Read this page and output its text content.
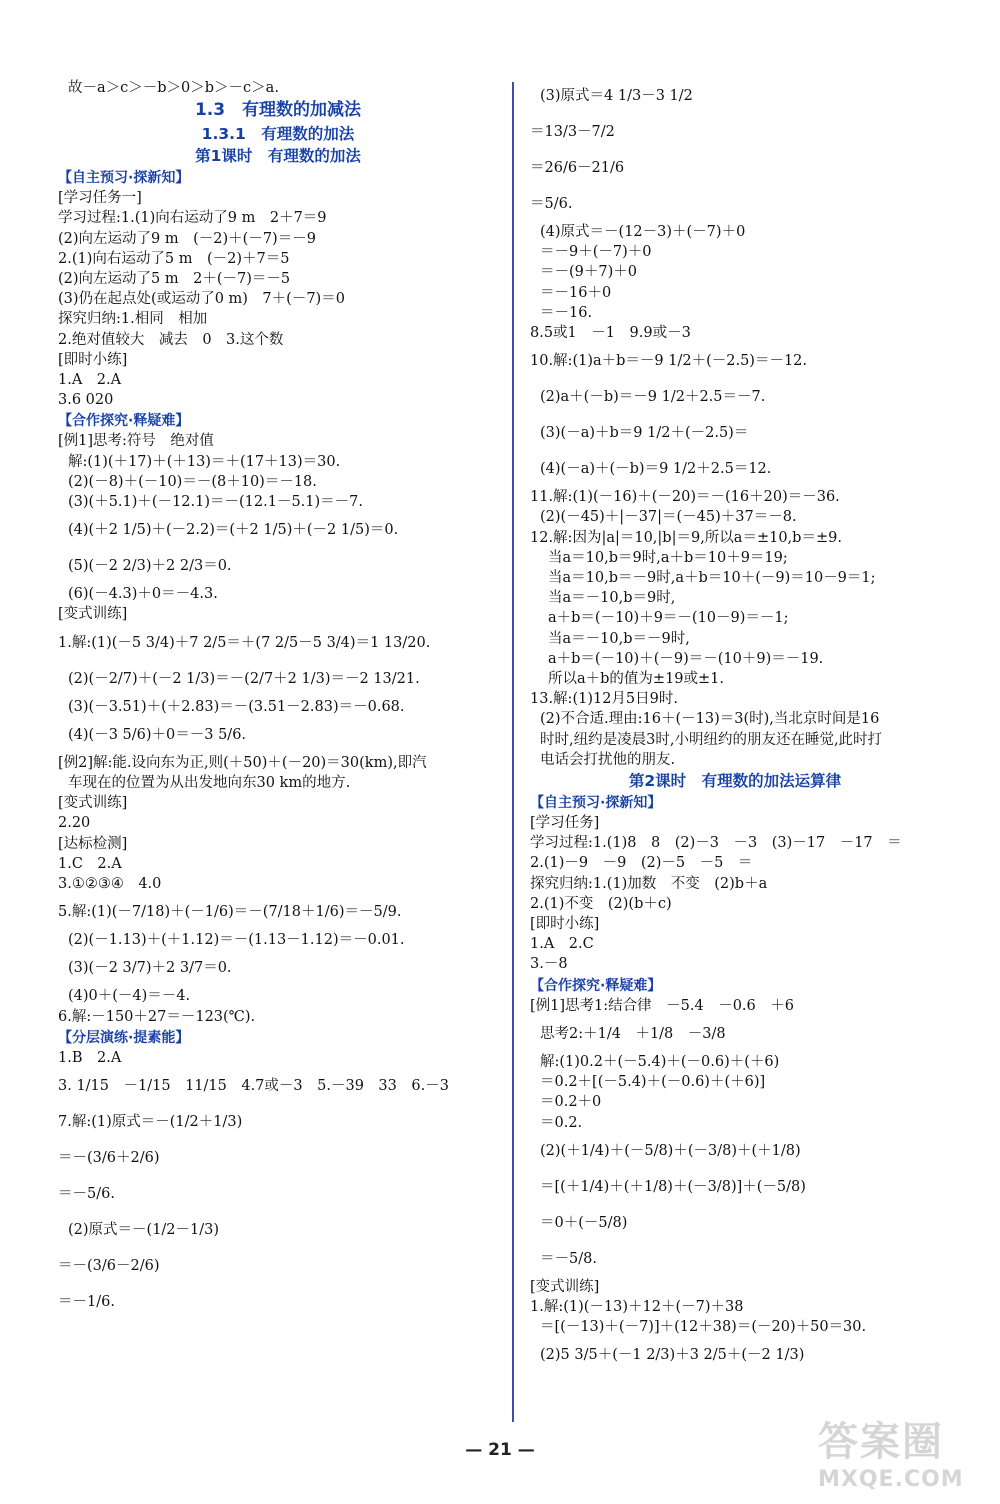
故－a＞c＞－b＞0＞b＞－c＞a.
1.3　有理数的加减法
1.3.1　有理数的加法
第1课时　有理数的加法
【自主预习·探新知】
[学习任务一]
学习过程:1.(1)向右运动了9 m　2＋7＝9
(2)向左运动了9 m　(－2)＋(－7)＝－9
2.(1)向右运动了5 m　(－2)＋7＝5
(2)向左运动了5 m　2＋(－7)＝－5
(3)仍在起点处(或运动了0 m)　7＋(－7)＝0
探究归纳:1.相同　相加
2.绝对值较大　减去　0　3.这个数
[即时小练]
1.A　2.A
3.6 020
【合作探究·释疑难】
[例1]思考:符号　绝对值
解:(1)(＋17)＋(＋13)＝＋(17＋13)＝30.
(2)(－8)＋(－10)＝－(8＋10)＝－18.
(3)(＋5.1)＋(－12.1)＝－(12.1－5.1)＝－7.
(4)(＋2 1/5)＋(－2.2)＝(＋2 1/5)＋(－2 1/5)＝0.
(5)(－2 2/3)＋2 2/3＝0.
(6)(－4.3)＋0＝－4.3.
[变式训练]
1.解:(1)(－5 3/4)＋7 2/5＝＋(7 2/5－5 3/4)＝1 13/20.
(2)(－2/7)＋(－2 1/3)＝－(2/7＋2 1/3)＝－2 13/21.
(3)(－3.51)＋(＋2.83)＝－(3.51－2.83)＝－0.68.
(4)(－3 5/6)＋0＝－3 5/6.
[例2]解:能.设向东为正,则(＋50)＋(－20)＝30(km),即汽
车现在的位置为从出发地向东30 km的地方.
[变式训练]
2.20
[达标检测]
1.C　2.A
3.①②③④　4.0
5.解:(1)(－7/18)＋(－1/6)＝－(7/18＋1/6)＝－5/9.
(2)(－1.13)＋(＋1.12)＝－(1.13－1.12)＝－0.01.
(3)(－2 3/7)＋2 3/7＝0.
(4)0＋(－4)＝－4.
6.解:－150＋27＝－123(℃).
【分层演练·提素能】
1.B　2.A
3. 1/15　－1/15　11/15　4.7或－3　5.－39　33　6.－3
7.解:(1)原式＝－(1/2＋1/3)
＝－(3/6＋2/6)
＝－5/6.
(2)原式＝－(1/2－1/3)
＝－(3/6－2/6)
＝－1/6.
(3)原式＝4 1/3－3 1/2
＝13/3－7/2
＝26/6－21/6
＝5/6.
(4)原式＝－(12－3)＋(－7)＋0
＝－9＋(－7)＋0
＝－(9＋7)＋0
＝－16＋0
＝－16.
8.5或1　－1　9.9或－3
10.解:(1)a＋b＝－9 1/2＋(－2.5)＝－12.
(2)a＋(－b)＝－9 1/2＋2.5＝－7.
(3)(－a)＋b＝9 1/2＋(－2.5)＝
(4)(－a)＋(－b)＝9 1/2＋2.5＝12.
11.解:(1)(－16)＋(－20)＝－(16＋20)＝－36.
(2)(－45)＋|－37|＝(－45)＋37＝－8.
12.解:因为|a|＝10,|b|＝9,所以a＝±10,b＝±9.
当a＝10,b＝9时,a＋b＝10＋9＝19;
当a＝10,b＝－9时,a＋b＝10＋(－9)＝10－9＝1;
当a＝－10,b＝9时,
a＋b＝(－10)＋9＝－(10－9)＝－1;
当a＝－10,b＝－9时,
a＋b＝(－10)＋(－9)＝－(10＋9)＝－19.
所以a＋b的值为±19或±1.
13.解:(1)12月5日9时.
(2)不合适.理由:16＋(－13)＝3(时),当北京时间是16
时时,纽约是凌晨3时,小明纽约的朋友还在睡觉,此时打
电话会打扰他的朋友.
第2课时　有理数的加法运算律
【自主预习·探新知】
[学习任务]
学习过程:1.(1)8　8　(2)－3　－3　(3)－17　－17　＝
2.(1)－9　－9　(2)－5　－5　＝
探究归纳:1.(1)加数　不变　(2)b＋a
2.(1)不变　(2)(b＋c)
[即时小练]
1.A　2.C
3.－8
【合作探究·释疑难】
[例1]思考1:结合律　－5.4　－0.6　＋6
思考2:＋1/4　＋1/8　－3/8
解:(1)0.2＋(－5.4)＋(－0.6)＋(＋6)
＝0.2＋[(－5.4)＋(－0.6)＋(＋6)]
＝0.2＋0
＝0.2.
(2)(＋1/4)＋(－5/8)＋(－3/8)＋(＋1/8)
＝[(＋1/4)＋(＋1/8)＋(－3/8)]＋(－5/8)
＝0＋(－5/8)
＝－5/8.
[变式训练]
1.解:(1)(－13)＋12＋(－7)＋38
＝[(－13)＋(－7)]＋(12＋38)＝(－20)＋50＝30.
(2)5 3/5＋(－1 2/3)＋3 2/5＋(－2 1/3)
— 21 —	答案圈
MXQE.COM
